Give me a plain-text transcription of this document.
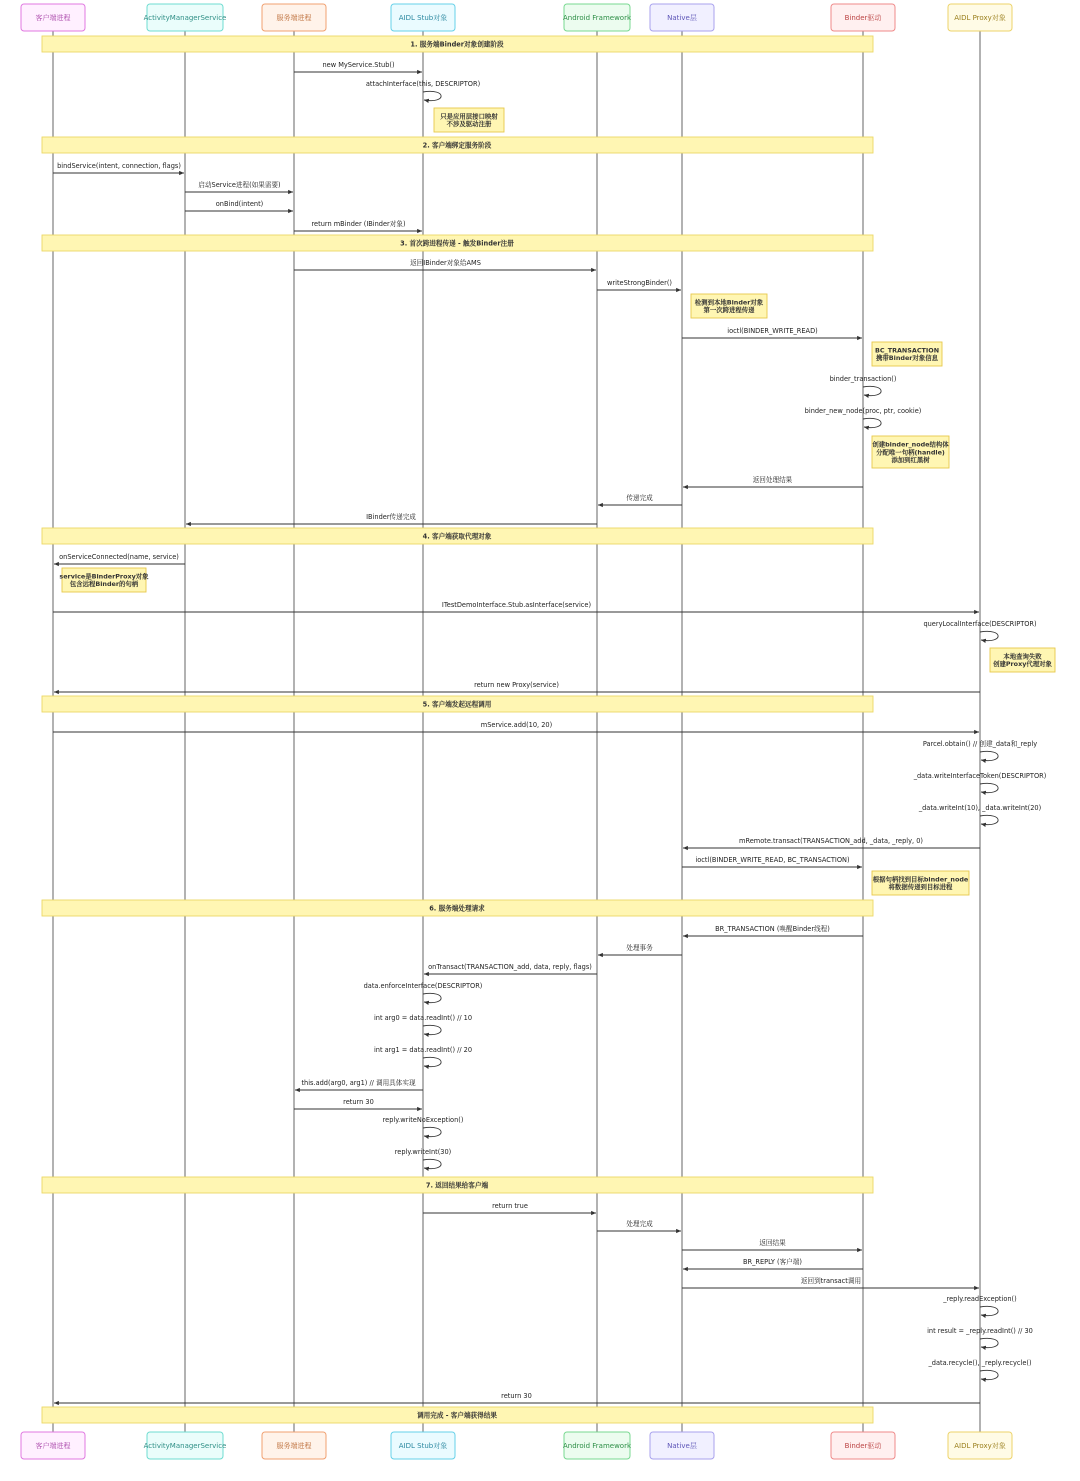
1. 服务端Binder对象创建阶段
2. 客户端绑定服务阶段
3. 首次跨进程传递 - 触发Binder注册
4. 客户端获取代理对象
5. 客户端发起远程调用
6. 服务端处理请求
7. 返回结果给客户端
调用完成 - 客户端获得结果
new MyService.Stub()
attachInterface(this, DESCRIPTOR)
bindService(intent, connection, flags)
启动Service进程(如果需要)
onBind(intent)
return mBinder (IBinder对象)
返回IBinder对象给AMS
writeStrongBinder()
ioctl(BINDER_WRITE_READ)
binder_transaction()
binder_new_node(proc, ptr, cookie)
返回处理结果
传递完成
IBinder传递完成
onServiceConnected(name, service)
ITestDemoInterface.Stub.asInterface(service)
queryLocalInterface(DESCRIPTOR)
return new Proxy(service)
mService.add(10, 20)
Parcel.obtain() // 创建_data和_reply
_data.writeInterfaceToken(DESCRIPTOR)
_data.writeInt(10), _data.writeInt(20)
mRemote.transact(TRANSACTION_add, _data, _reply, 0)
ioctl(BINDER_WRITE_READ, BC_TRANSACTION)
BR_TRANSACTION (唤醒Binder线程)
处理事务
onTransact(TRANSACTION_add, data, reply, flags)
data.enforceInterface(DESCRIPTOR)
int arg0 = data.readInt() // 10
int arg1 = data.readInt() // 20
this.add(arg0, arg1) // 调用具体实现
return 30
reply.writeNoException()
reply.writeInt(30)
return true
处理完成
返回结果
BR_REPLY (客户端)
返回到transact调用
_reply.readException()
int result = _reply.readInt() // 30
_data.recycle(), _reply.recycle()
return 30
只是应用层接口映射
不涉及驱动注册
检测到本地Binder对象
第一次跨进程传递
BC_TRANSACTION
携带Binder对象信息
创建binder_node结构体
分配唯一句柄(handle)
添加到红黑树
service是BinderProxy对象
包含远程Binder的句柄
本地查询失败
创建Proxy代理对象
根据句柄找到目标binder_node
将数据传递到目标进程
客户端进程	ActivityManagerService	服务端进程	AIDL Stub对象	Android Framework	Native层	Binder驱动	AIDL Proxy对象
客户端进程	ActivityManagerService	服务端进程	AIDL Stub对象	Android Framework	Native层	Binder驱动	AIDL Proxy对象
